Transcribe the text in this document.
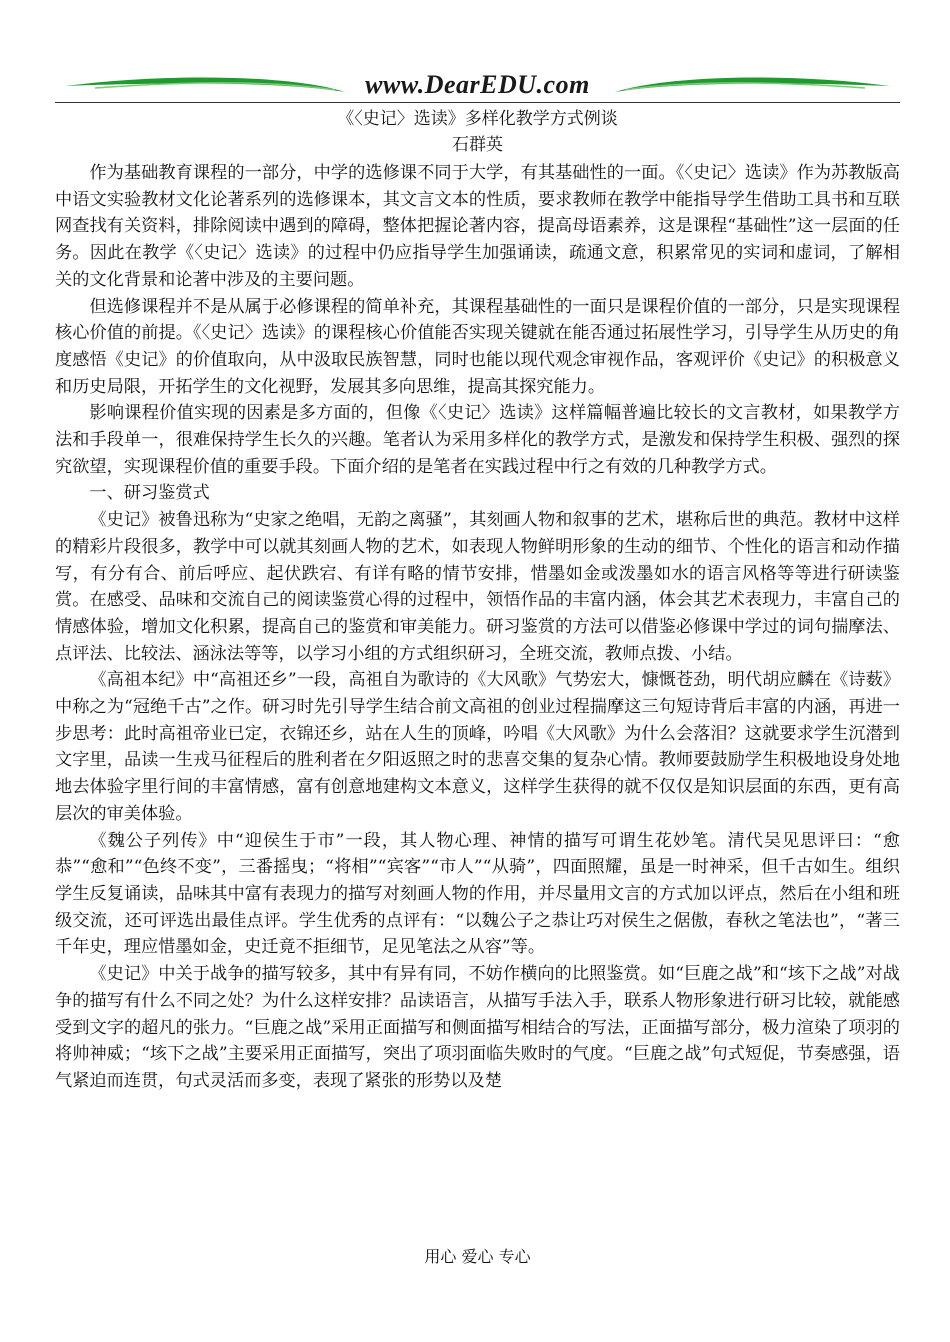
www.DearEDU.com
《〈史记〉选读》多样化教学方式例谈
石群英

作为基础教育课程的一部分，中学的选修课不同于大学，有其基础性的一面。《〈史记〉选读》作为苏教版高中语文实验教材文化论著系列的选修课本，其文言文本的性质，要求教师在教学中能指导学生借助工具书和互联网查找有关资料，排除阅读中遇到的障碍，整体把握论著内容，提高母语素养，这是课程“基础性”这一层面的任务。因此在教学《〈史记〉选读》的过程中仍应指导学生加强诵读，疏通文意，积累常见的实词和虚词，了解相关的文化背景和论著中涉及的主要问题。

但选修课程并不是从属于必修课程的简单补充，其课程基础性的一面只是课程价值的一部分，只是实现课程核心价值的前提。《〈史记〉选读》的课程核心价值能否实现关键就在能否通过拓展性学习，引导学生从历史的角度感悟《史记》的价值取向，从中汲取民族智慧，同时也能以现代观念审视作品，客观评价《史记》的积极意义和历史局限，开拓学生的文化视野，发展其多向思维，提高其探究能力。

影响课程价值实现的因素是多方面的，但像《〈史记〉选读》这样篇幅普遍比较长的文言教材，如果教学方法和手段单一，很难保持学生长久的兴趣。笔者认为采用多样化的教学方式，是激发和保持学生积极、强烈的探究欲望，实现课程价值的重要手段。下面介绍的是笔者在实践过程中行之有效的几种教学方式。

一、研习鉴赏式

《史记》被鲁迅称为“史家之绝唱，无韵之离骚”，其刻画人物和叙事的艺术，堪称后世的典范。教材中这样的精彩片段很多，教学中可以就其刻画人物的艺术，如表现人物鲜明形象的生动的细节、个性化的语言和动作描写，有分有合、前后呼应、起伏跌宕、有详有略的情节安排，惜墨如金或泼墨如水的语言风格等等进行研读鉴赏。在感受、品味和交流自己的阅读鉴赏心得的过程中，领悟作品的丰富内涵，体会其艺术表现力，丰富自己的情感体验，增加文化积累，提高自己的鉴赏和审美能力。研习鉴赏的方法可以借鉴必修课中学过的词句揣摩法、点评法、比较法、涵泳法等等，以学习小组的方式组织研习，全班交流，教师点拨、小结。

《高祖本纪》中“高祖还乡”一段，高祖自为歌诗的《大风歌》气势宏大，慷慨苍劲，明代胡应麟在《诗薮》中称之为“冠绝千古”之作。研习时先引导学生结合前文高祖的创业过程揣摩这三句短诗背后丰富的内涵，再进一步思考：此时高祖帝业已定，衣锦还乡，站在人生的顶峰，吟唱《大风歌》为什么会落泪？这就要求学生沉潜到文字里，品读一生戎马征程后的胜利者在夕阳返照之时的悲喜交集的复杂心情。教师要鼓励学生积极地设身处地地去体验字里行间的丰富情感，富有创意地建构文本意义，这样学生获得的就不仅仅是知识层面的东西，更有高层次的审美体验。

《魏公子列传》中“迎侯生于市”一段，其人物心理、神情的描写可谓生花妙笔。清代吴见思评曰：“愈恭”“愈和”“色终不变”，三番摇曳；“将相”“宾客”“市人”“从骑”，四面照耀，虽是一时神采，但千古如生。组织学生反复诵读，品味其中富有表现力的描写对刻画人物的作用，并尽量用文言的方式加以评点，然后在小组和班级交流，还可评选出最佳点评。学生优秀的点评有：“以魏公子之恭让巧对侯生之倨傲，春秋之笔法也”，“著三千年史，理应惜墨如金，史迁竟不拒细节，足见笔法之从容”等。

《史记》中关于战争的描写较多，其中有异有同，不妨作横向的比照鉴赏。如“巨鹿之战”和“垓下之战”对战争的描写有什么不同之处？为什么这样安排？品读语言，从描写手法入手，联系人物形象进行研习比较，就能感受到文字的超凡的张力。“巨鹿之战”采用正面描写和侧面描写相结合的写法，正面描写部分，极力渲染了项羽的将帅神威；“垓下之战”主要采用正面描写，突出了项羽面临失败时的气度。“巨鹿之战”句式短促，节奏感强，语气紧迫而连贯，句式灵活而多变，表现了紧张的形势以及楚

用心 爱心 专心
